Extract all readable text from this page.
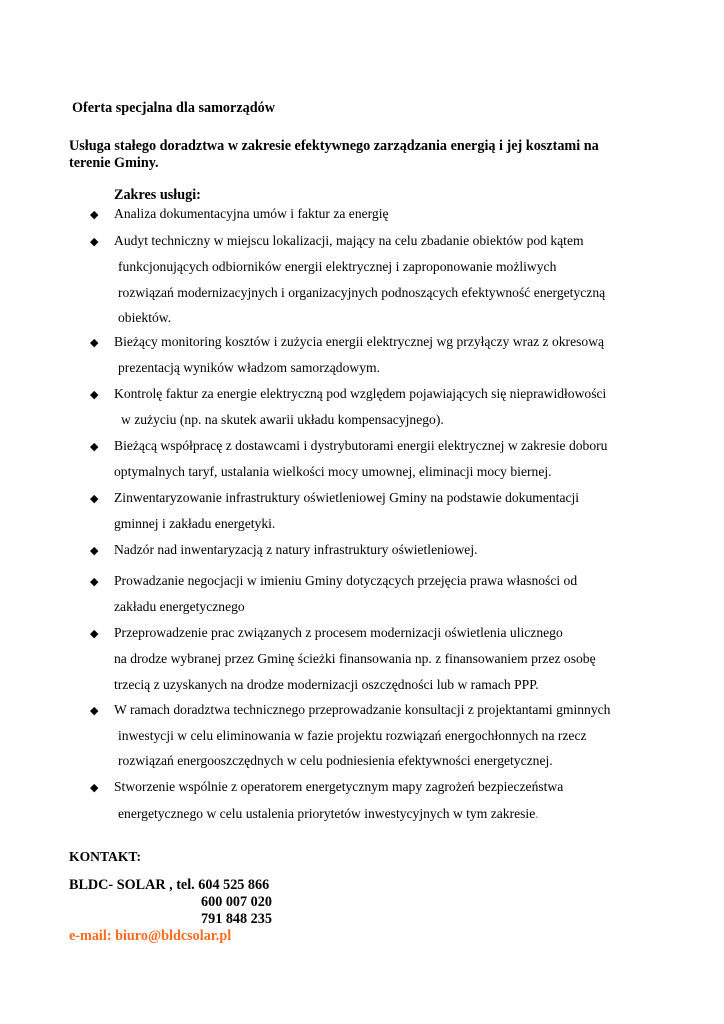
Oferta specjalna dla samorządów
Usługa stałego doradztwa w zakresie efektywnego zarządzania energią i jej kosztami na
terenie Gminy.
Zakres usługi:
◆ Analiza dokumentacyjna umów i faktur za energię
◆ Audyt techniczny w miejscu lokalizacji, mający na celu zbadanie obiektów pod kątem
funkcjonujących odbiorników energii elektrycznej i zaproponowanie możliwych
rozwiązań modernizacyjnych i organizacyjnych podnoszących efektywność energetyczną
obiektów.
◆ Bieżący monitoring kosztów i zużycia energii elektrycznej wg przyłączy wraz z okresową
prezentacją wyników władzom samorządowym.
◆ Kontrolę faktur za energie elektryczną pod względem pojawiających się nieprawidłowości
w zużyciu (np. na skutek awarii układu kompensacyjnego).
◆ Bieżącą współpracę z dostawcami i dystrybutorami energii elektrycznej w zakresie doboru
optymalnych taryf, ustalania wielkości mocy umownej, eliminacji mocy biernej.
◆ Zinwentaryzowanie infrastruktury oświetleniowej Gminy na podstawie dokumentacji
gminnej i zakładu energetyki.
◆ Nadzór nad inwentaryzacją z natury infrastruktury oświetleniowej.
◆ Prowadzanie negocjacji w imieniu Gminy dotyczących przejęcia prawa własności od
zakładu energetycznego
◆ Przeprowadzenie prac związanych z procesem modernizacji oświetlenia ulicznego
na drodze wybranej przez Gminę ścieżki finansowania np. z finansowaniem przez osobę
trzecią z uzyskanych na drodze modernizacji oszczędności lub w ramach PPP.
◆ W ramach doradztwa technicznego przeprowadzanie konsultacji z projektantami gminnych
inwestycji w celu eliminowania w fazie projektu rozwiązań energochłonnych na rzecz
rozwiązań energooszczędnych w celu podniesienia efektywności energetycznej.
◆ Stworzenie wspólnie z operatorem energetycznym mapy zagrożeń bezpieczeństwa
energetycznego w celu ustalenia priorytetów inwestycyjnych w tym zakresie.
KONTAKT:
BLDC- SOLAR , tel. 604 525 866
600 007 020
791 848 235
e-mail: biuro@bldcsolar.pl
